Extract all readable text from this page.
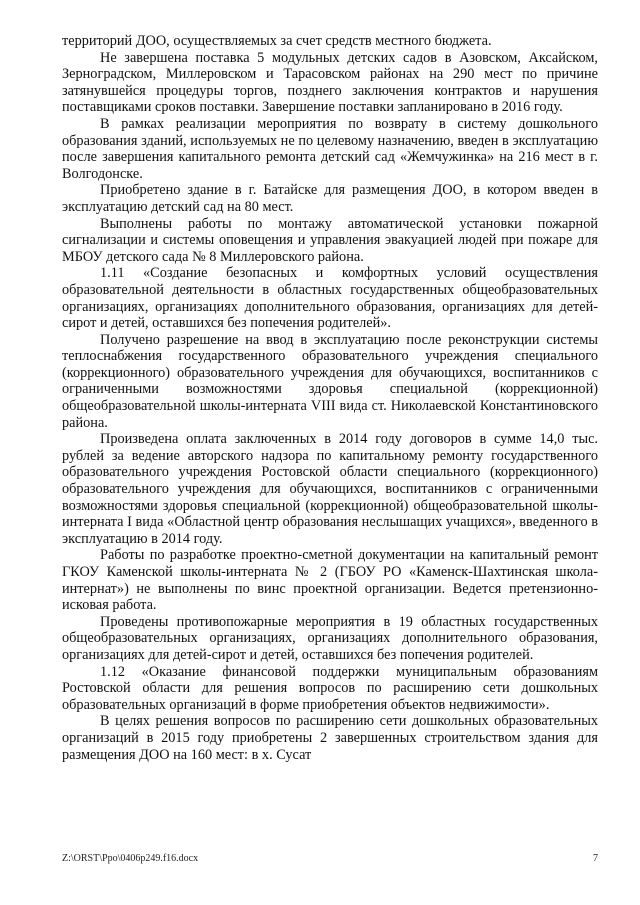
территорий ДОО, осуществляемых за счет средств местного бюджета.

Не завершена поставка 5 модульных детских садов в Азовском, Аксайском, Зерноградском, Миллеровском и Тарасовском районах на 290 мест по причине затянувшейся процедуры торгов, позднего заключения контрактов и нарушения поставщиками сроков поставки. Завершение поставки запланировано в 2016 году.

В рамках реализации мероприятия по возврату в систему дошкольного образования зданий, используемых не по целевому назначению, введен в эксплуатацию после завершения капитального ремонта детский сад «Жемчужинка» на 216 мест в г. Волгодонске.

Приобретено здание в г. Батайске для размещения ДОО, в котором введен в эксплуатацию детский сад на 80 мест.

Выполнены работы по монтажу автоматической установки пожарной сигнализации и системы оповещения и управления эвакуацией людей при пожаре для МБОУ детского сада № 8 Миллеровского района.

1.11 «Создание безопасных и комфортных условий осуществления образовательной деятельности в областных государственных общеобразовательных организациях, организациях дополнительного образования, организациях для детей-сирот и детей, оставшихся без попечения родителей».

Получено разрешение на ввод в эксплуатацию после реконструкции системы теплоснабжения государственного образовательного учреждения специального (коррекционного) образовательного учреждения для обучающихся, воспитанников с ограниченными возможностями здоровья специальной (коррекционной) общеобразовательной школы-интерната VIII вида ст. Николаевской Константиновского района.

Произведена оплата заключенных в 2014 году договоров в сумме 14,0 тыс. рублей за ведение авторского надзора по капитальному ремонту государственного образовательного учреждения Ростовской области специального (коррекционного) образовательного учреждения для обучающихся, воспитанников с ограниченными возможностями здоровья специальной (коррекционной) общеобразовательной школы-интерната I вида «Областной центр образования неслышащих учащихся», введенного в эксплуатацию в 2014 году.

Работы по разработке проектно-сметной документации на капитальный ремонт ГКОУ Каменской школы-интерната № 2 (ГБОУ РО «Каменск-Шахтинская школа-интернат») не выполнены по винс проектной организации. Ведется претензионно-исковая работа.

Проведены противопожарные мероприятия в 19 областных государственных общеобразовательных организациях, организациях дополнительного образования, организациях для детей-сирот и детей, оставшихся без попечения родителей.

1.12 «Оказание финансовой поддержки муниципальным образованиям Ростовской области для решения вопросов по расширению сети дошкольных образовательных организаций в форме приобретения объектов недвижимости».

В целях решения вопросов по расширению сети дошкольных образовательных организаций в 2015 году приобретены 2 завершенных строительством здания для размещения ДОО на 160 мест: в х. Сусат

Z:\ORST\Ppo\0406p249.f16.docx	7
